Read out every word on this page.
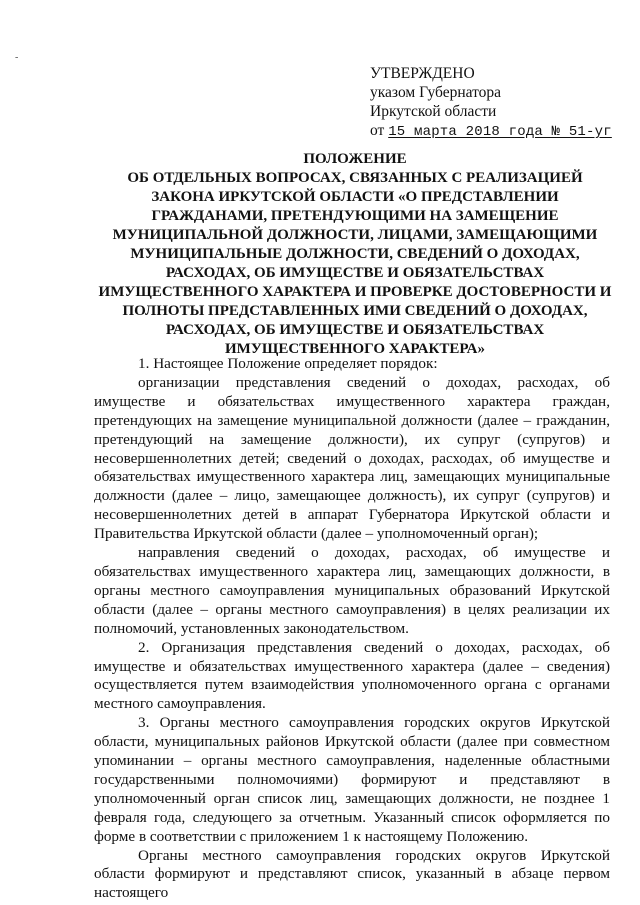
-
УТВЕРЖДЕНО
указом Губернатора
Иркутской области
от 15 марта 2018 года № 51-уг
ПОЛОЖЕНИЕ
ОБ ОТДЕЛЬНЫХ ВОПРОСАХ, СВЯЗАННЫХ С РЕАЛИЗАЦИЕЙ
ЗАКОНА ИРКУТСКОЙ ОБЛАСТИ «О ПРЕДСТАВЛЕНИИ
ГРАЖДАНАМИ, ПРЕТЕНДУЮЩИМИ НА ЗАМЕЩЕНИЕ
МУНИЦИПАЛЬНОЙ ДОЛЖНОСТИ, ЛИЦАМИ, ЗАМЕЩАЮЩИМИ
МУНИЦИПАЛЬНЫЕ ДОЛЖНОСТИ, СВЕДЕНИЙ О ДОХОДАХ,
РАСХОДАХ, ОБ ИМУЩЕСТВЕ И ОБЯЗАТЕЛЬСТВАХ
ИМУЩЕСТВЕННОГО ХАРАКТЕРА И ПРОВЕРКЕ ДОСТОВЕРНОСТИ И
ПОЛНОТЫ ПРЕДСТАВЛЕННЫХ ИМИ СВЕДЕНИЙ О ДОХОДАХ,
РАСХОДАХ, ОБ ИМУЩЕСТВЕ И ОБЯЗАТЕЛЬСТВАХ
ИМУЩЕСТВЕННОГО ХАРАКТЕРА»

1. Настоящее Положение определяет порядок:

организации представления сведений о доходах, расходах, об имуществе и обязательствах имущественного характера граждан, претендующих на замещение муниципальной должности (далее – гражданин, претендующий на замещение должности), их супруг (супругов) и несовершеннолетних детей; сведений о доходах, расходах, об имуществе и обязательствах имущественного характера лиц, замещающих муниципальные должности (далее – лицо, замещающее должность), их супруг (супругов) и несовершеннолетних детей в аппарат Губернатора Иркутской области и Правительства Иркутской области (далее – уполномоченный орган);

направления сведений о доходах, расходах, об имуществе и обязательствах имущественного характера лиц, замещающих должности, в органы местного самоуправления муниципальных образований Иркутской области (далее – органы местного самоуправления) в целях реализации их полномочий, установленных законодательством.

2. Организация представления сведений о доходах, расходах, об имуществе и обязательствах имущественного характера (далее – сведения) осуществляется путем взаимодействия уполномоченного органа с органами местного самоуправления.

3. Органы местного самоуправления городских округов Иркутской области, муниципальных районов Иркутской области (далее при совместном упоминании – органы местного самоуправления, наделенные областными государственными полномочиями) формируют и представляют в уполномоченный орган список лиц, замещающих должности, не позднее 1 февраля года, следующего за отчетным. Указанный список оформляется по форме в соответствии с приложением 1 к настоящему Положению.

Органы местного самоуправления городских округов Иркутской области формируют и представляют список, указанный в абзаце первом настоящего
